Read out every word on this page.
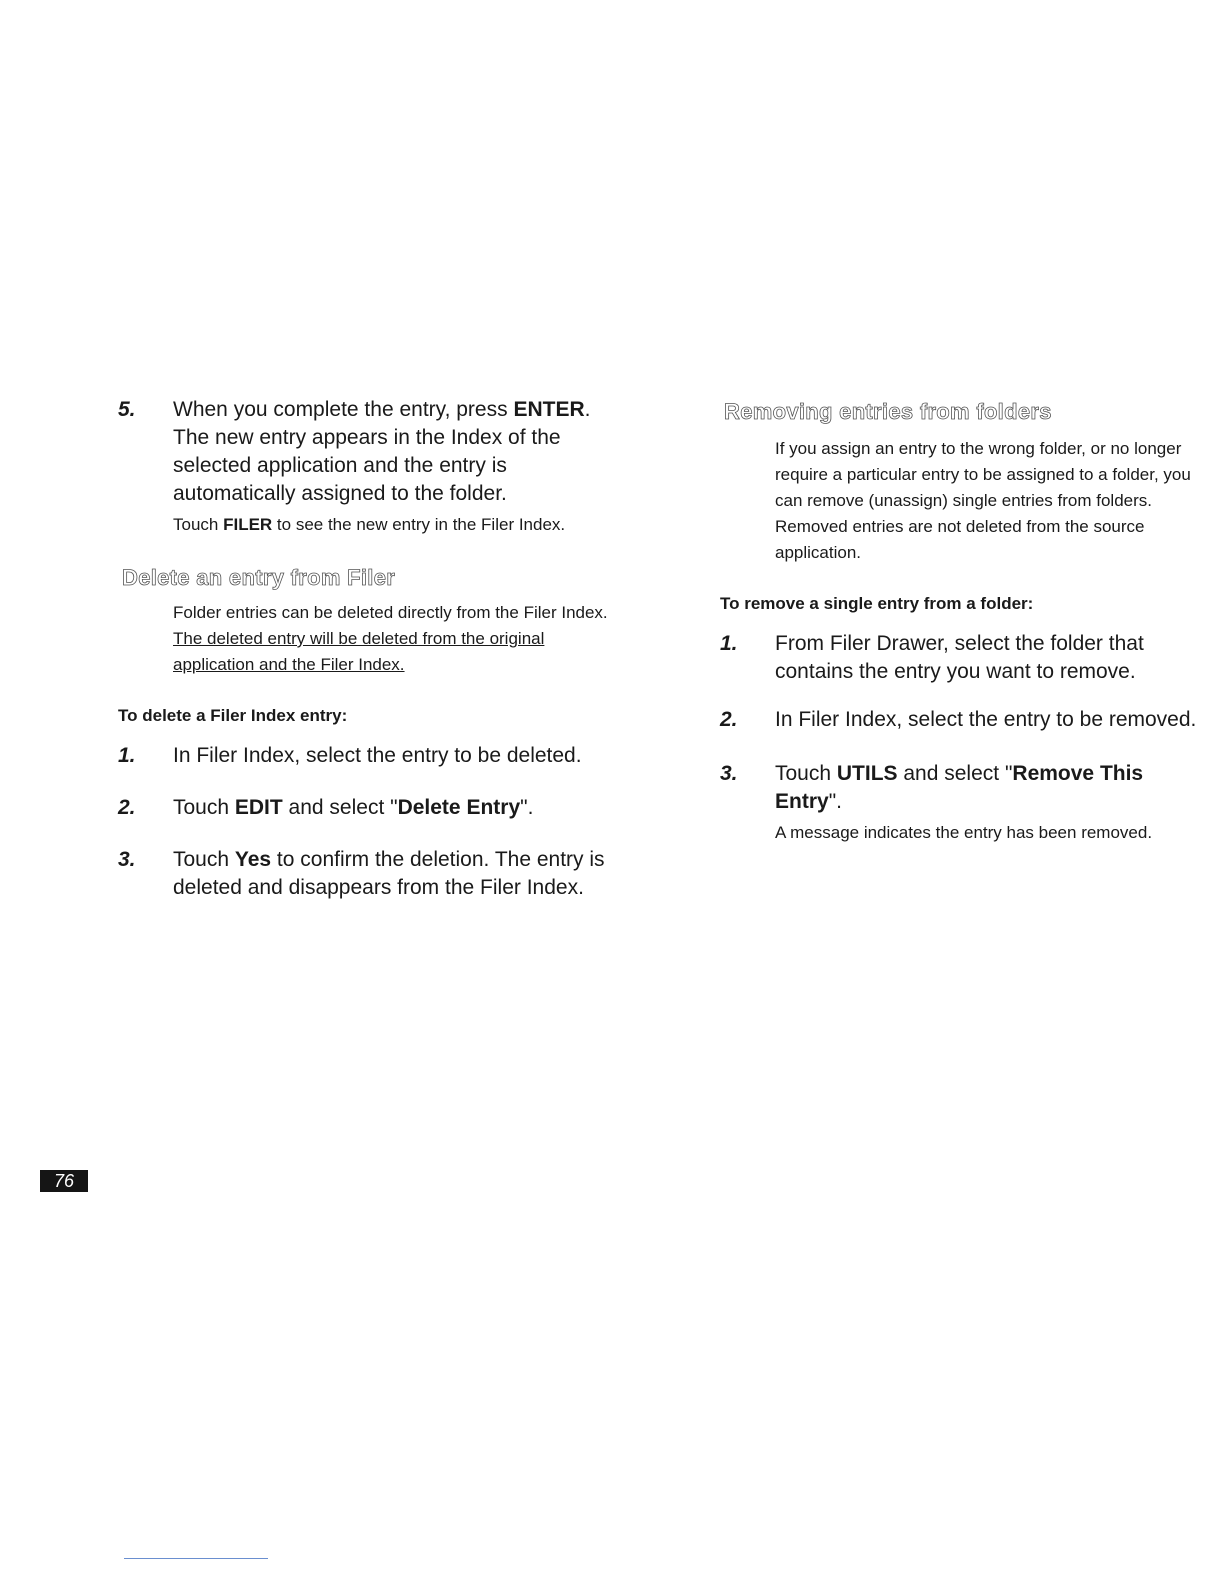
5. When you complete the entry, press ENTER. The new entry appears in the Index of the selected application and the entry is automatically assigned to the folder.
Touch FILER to see the new entry in the Filer Index.
Delete an entry from Filer
Folder entries can be deleted directly from the Filer Index.
The deleted entry will be deleted from the original application and the Filer Index.
To delete a Filer Index entry:
1. In Filer Index, select the entry to be deleted.
2. Touch EDIT and select "Delete Entry".
3. Touch Yes to confirm the deletion. The entry is deleted and disappears from the Filer Index.
Removing entries from folders
If you assign an entry to the wrong folder, or no longer require a particular entry to be assigned to a folder, you can remove (unassign) single entries from folders. Removed entries are not deleted from the source application.
To remove a single entry from a folder:
1. From Filer Drawer, select the folder that contains the entry you want to remove.
2. In Filer Index, select the entry to be removed.
3. Touch UTILS and select "Remove This Entry".
A message indicates the entry has been removed.
76
